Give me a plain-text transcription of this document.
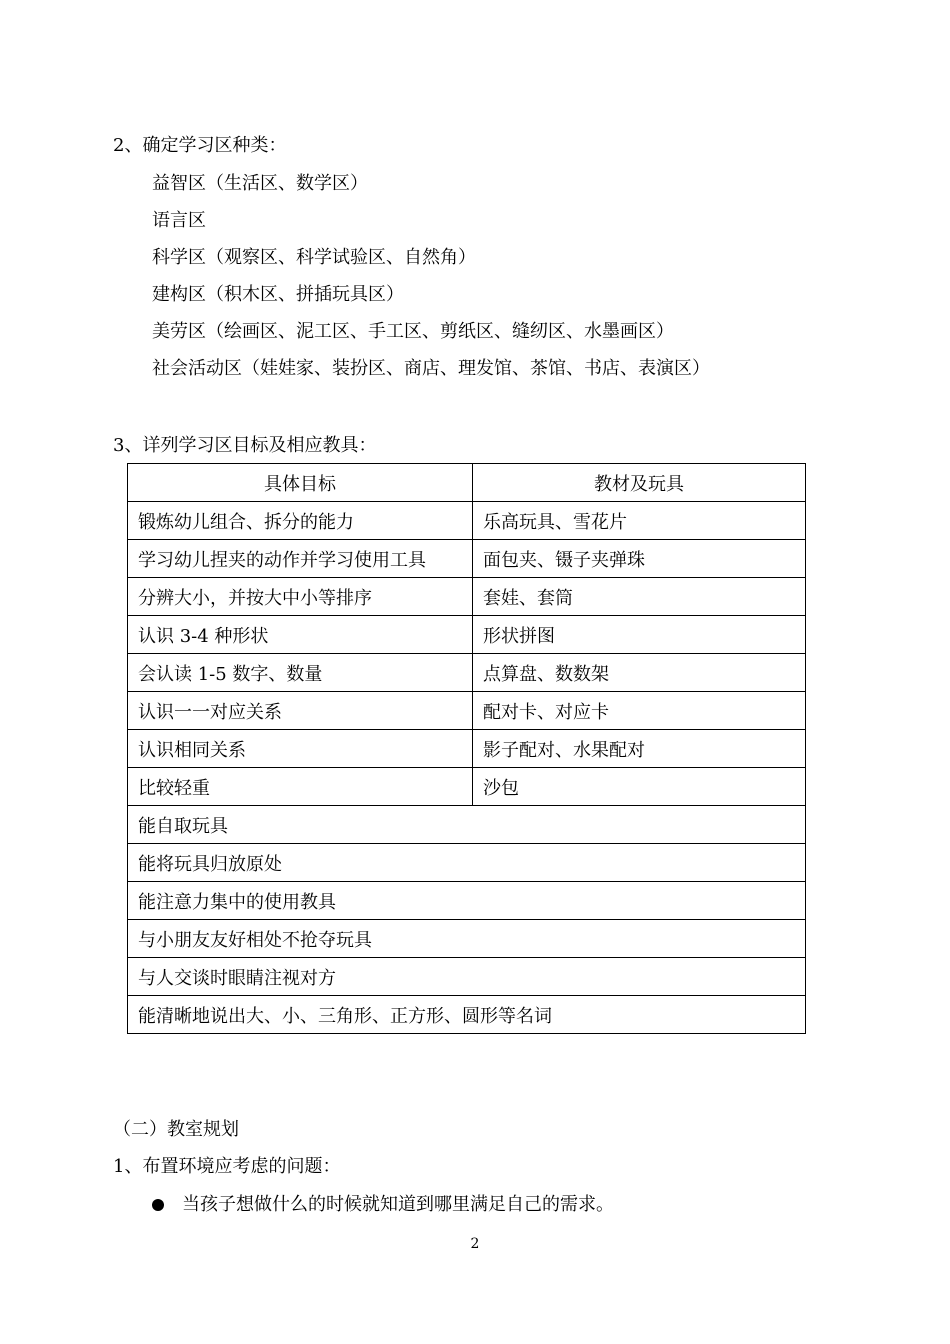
2、确定学习区种类：
益智区（生活区、数学区）
语言区
科学区（观察区、科学试验区、自然角）
建构区（积木区、拼插玩具区）
美劳区（绘画区、泥工区、手工区、剪纸区、缝纫区、水墨画区）
社会活动区（娃娃家、装扮区、商店、理发馆、茶馆、书店、表演区）
3、详列学习区目标及相应教具：
具体目标	教材及玩具
锻炼幼儿组合、拆分的能力	乐高玩具、雪花片
学习幼儿捏夹的动作并学习使用工具	面包夹、镊子夹弹珠
分辨大小，并按大中小等排序	套娃、套筒
认识 3-4 种形状	形状拼图
会认读 1-5 数字、数量	点算盘、数数架
认识一一对应关系	配对卡、对应卡
认识相同关系	影子配对、水果配对
比较轻重	沙包
能自取玩具	
能将玩具归放原处	
能注意力集中的使用教具	
与小朋友友好相处不抢夺玩具	
与人交谈时眼睛注视对方	
能清晰地说出大、小、三角形、正方形、圆形等名词	
（二）教室规划
1、布置环境应考虑的问题：
当孩子想做什么的时候就知道到哪里满足自己的需求。
2
